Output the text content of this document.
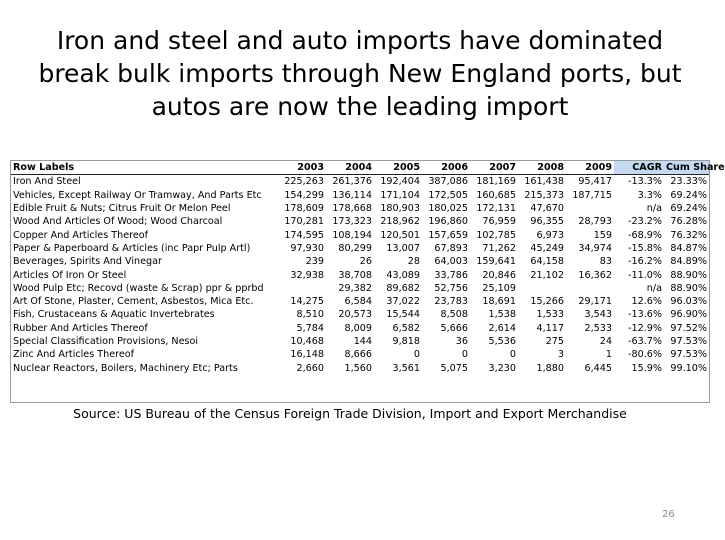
Iron and steel and auto imports have dominated
break bulk imports through New England ports, but
autos are now the leading import
Row Labels	2003	2004	2005	2006	2007	2008	2009	CAGR	Cum Share
Iron And Steel	225,263	261,376	192,404	387,086	181,169	161,438	95,417	-13.3%	23.33%
Vehicles, Except Railway Or Tramway, And Parts Etc	154,299	136,114	171,104	172,505	160,685	215,373	187,715	3.3%	69.24%
Edible Fruit & Nuts; Citrus Fruit Or Melon Peel	178,609	178,668	180,903	180,025	172,131	47,670		n/a	69.24%
Wood And Articles Of Wood; Wood Charcoal	170,281	173,323	218,962	196,860	76,959	96,355	28,793	-23.2%	76.28%
Copper And Articles Thereof	174,595	108,194	120,501	157,659	102,785	6,973	159	-68.9%	76.32%
Paper & Paperboard & Articles (inc Papr Pulp Artl)	97,930	80,299	13,007	67,893	71,262	45,249	34,974	-15.8%	84.87%
Beverages, Spirits And Vinegar	239	26	28	64,003	159,641	64,158	83	-16.2%	84.89%
Articles Of Iron Or Steel	32,938	38,708	43,089	33,786	20,846	21,102	16,362	-11.0%	88.90%
Wood Pulp Etc; Recovd (waste & Scrap) ppr & pprbd		29,382	89,682	52,756	25,109			n/a	88.90%
Art Of Stone, Plaster, Cement, Asbestos, Mica Etc.	14,275	6,584	37,022	23,783	18,691	15,266	29,171	12.6%	96.03%
Fish, Crustaceans & Aquatic Invertebrates	8,510	20,573	15,544	8,508	1,538	1,533	3,543	-13.6%	96.90%
Rubber And Articles Thereof	5,784	8,009	6,582	5,666	2,614	4,117	2,533	-12.9%	97.52%
Special Classification Provisions, Nesoi	10,468	144	9,818	36	5,536	275	24	-63.7%	97.53%
Zinc And Articles Thereof	16,148	8,666	0	0	0	3	1	-80.6%	97.53%
Nuclear Reactors, Boilers, Machinery Etc; Parts	2,660	1,560	3,561	5,075	3,230	1,880	6,445	15.9%	99.10%
Source: US Bureau of the Census Foreign Trade Division, Import and Export Merchandise
26
